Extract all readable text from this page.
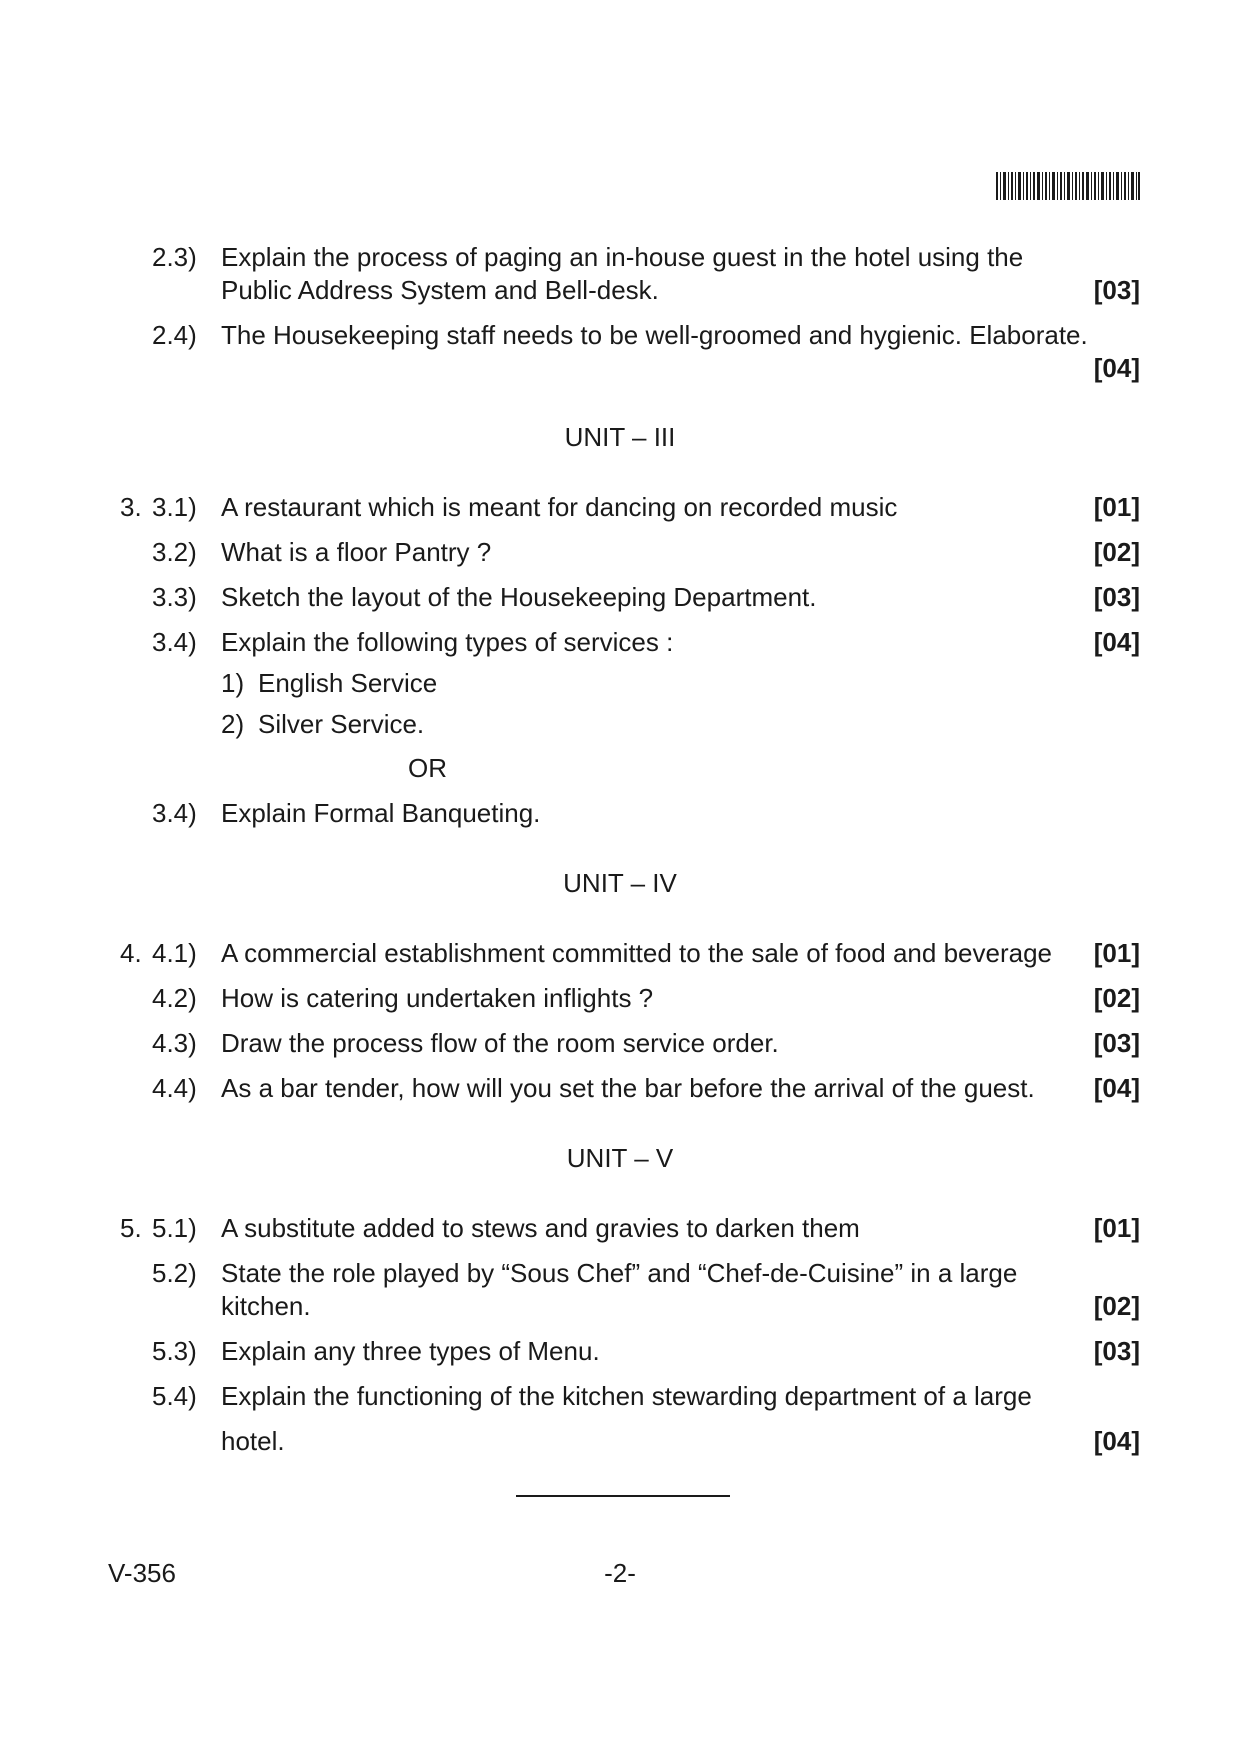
2.3) Explain the process of paging an in-house guest in the hotel using the
Public Address System and Bell-desk.	[03]
2.4) The Housekeeping staff needs to be well-groomed and hygienic. Elaborate.
[04]
UNIT – III
3. 3.1) A restaurant which is meant for dancing on recorded music	[01]
3.2) What is a floor Pantry ?	[02]
3.3) Sketch the layout of the Housekeeping Department.	[03]
3.4) Explain the following types of services :	[04]
1) English Service
2) Silver Service.
OR
3.4) Explain Formal Banqueting.
UNIT – IV
4. 4.1) A commercial establishment committed to the sale of food and beverage [01]
4.2) How is catering undertaken inflights ?	[02]
4.3) Draw the process flow of the room service order.	[03]
4.4) As a bar tender, how will you set the bar before the arrival of the guest. [04]
UNIT – V
5. 5.1) A substitute added to stews and gravies to darken them	[01]
5.2) State the role played by “Sous Chef” and “Chef-de-Cuisine” in a large
kitchen.	[02]
5.3) Explain any three types of Menu.	[03]
5.4) Explain the functioning of the kitchen stewarding department of a large
hotel.	[04]
V-356	-2-
